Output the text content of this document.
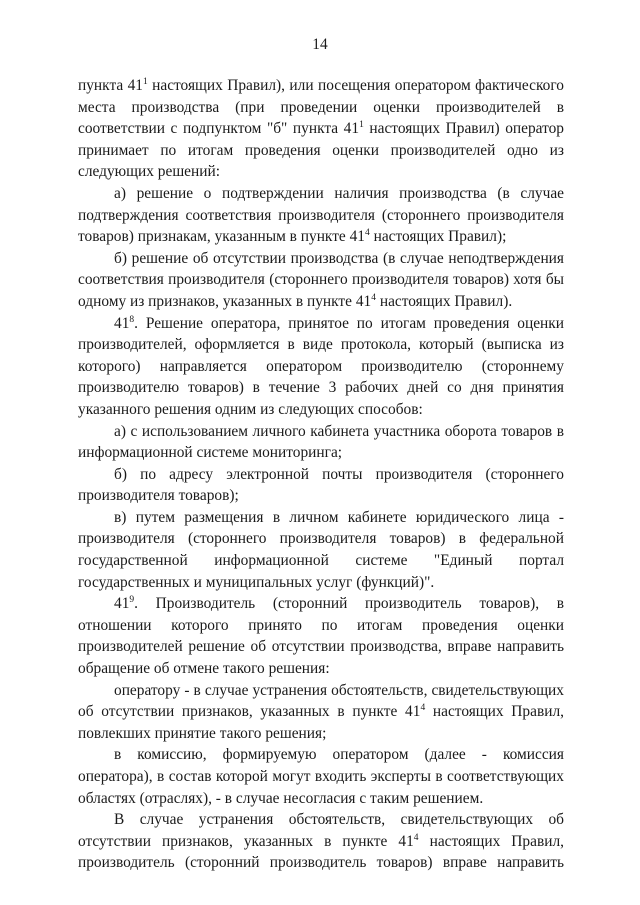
14

пункта $41^1$ настоящих Правил), или посещения оператором фактического места производства (при проведении оценки производителей в соответствии с подпунктом "б" пункта $41^1$ настоящих Правил) оператор принимает по итогам проведения оценки производителей одно из следующих решений:

а) решение о подтверждении наличия производства (в случае подтверждения соответствия производителя (стороннего производителя товаров) признакам, указанным в пункте $41^4$ настоящих Правил);

б) решение об отсутствии производства (в случае неподтверждения соответствия производителя (стороннего производителя товаров) хотя бы одному из признаков, указанных в пункте $41^4$ настоящих Правил).

$41^8$. Решение оператора, принятое по итогам проведения оценки производителей, оформляется в виде протокола, который (выписка из которого) направляется оператором производителю (стороннему производителю товаров) в течение 3 рабочих дней со дня принятия указанного решения одним из следующих способов:

а) с использованием личного кабинета участника оборота товаров в информационной системе мониторинга;

б) по адресу электронной почты производителя (стороннего производителя товаров);

в) путем размещения в личном кабинете юридического лица - производителя (стороннего производителя товаров) в федеральной государственной информационной системе "Единый портал государственных и муниципальных услуг (функций)".

$41^9$. Производитель (сторонний производитель товаров), в отношении которого принято по итогам проведения оценки производителей решение об отсутствии производства, вправе направить обращение об отмене такого решения:

оператору - в случае устранения обстоятельств, свидетельствующих об отсутствии признаков, указанных в пункте $41^4$ настоящих Правил, повлекших принятие такого решения;

в комиссию, формируемую оператором (далее - комиссия оператора), в состав которой могут входить эксперты в соответствующих областях (отраслях), - в случае несогласия с таким решением.

В случае устранения обстоятельств, свидетельствующих об отсутствии признаков, указанных в пункте $41^4$ настоящих Правил, производитель (сторонний производитель товаров) вправе направить
